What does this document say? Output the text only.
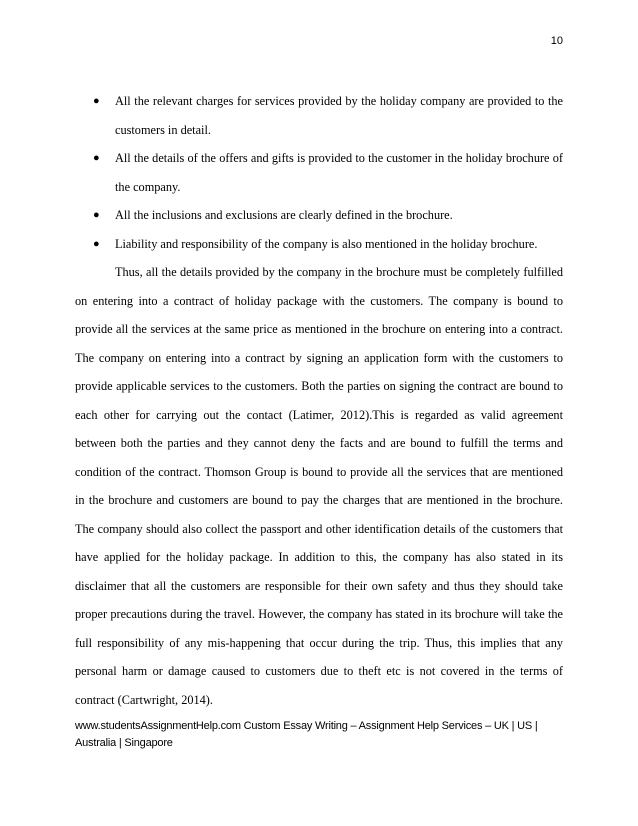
10
● All the relevant charges for services provided by the holiday company are provided to the customers in detail.
● All the details of the offers and gifts is provided to the customer in the holiday brochure of the company.
● All the inclusions and exclusions are clearly defined in the brochure.
● Liability and responsibility of the company is also mentioned in the holiday brochure.

Thus, all the details provided by the company in the brochure must be completely fulfilled on entering into a contract of holiday package with the customers. The company is bound to provide all the services at the same price as mentioned in the brochure on entering into a contract. The company on entering into a contract by signing an application form with the customers to provide applicable services to the customers. Both the parties on signing the contract are bound to each other for carrying out the contact (Latimer, 2012).This is regarded as valid agreement between both the parties and they cannot deny the facts and are bound to fulfill the terms and condition of the contract. Thomson Group is bound to provide all the services that are mentioned in the brochure and customers are bound to pay the charges that are mentioned in the brochure. The company should also collect the passport and other identification details of the customers that have applied for the holiday package. In addition to this, the company has also stated in its disclaimer that all the customers are responsible for their own safety and thus they should take proper precautions during the travel. However, the company has stated in its brochure will take the full responsibility of any mis-happening that occur during the trip. Thus, this implies that any personal harm or damage caused to customers due to theft etc is not covered in the terms of contract (Cartwright, 2014).

www.studentsAssignmentHelp.com Custom Essay Writing – Assignment Help Services – UK | US | Australia | Singapore
